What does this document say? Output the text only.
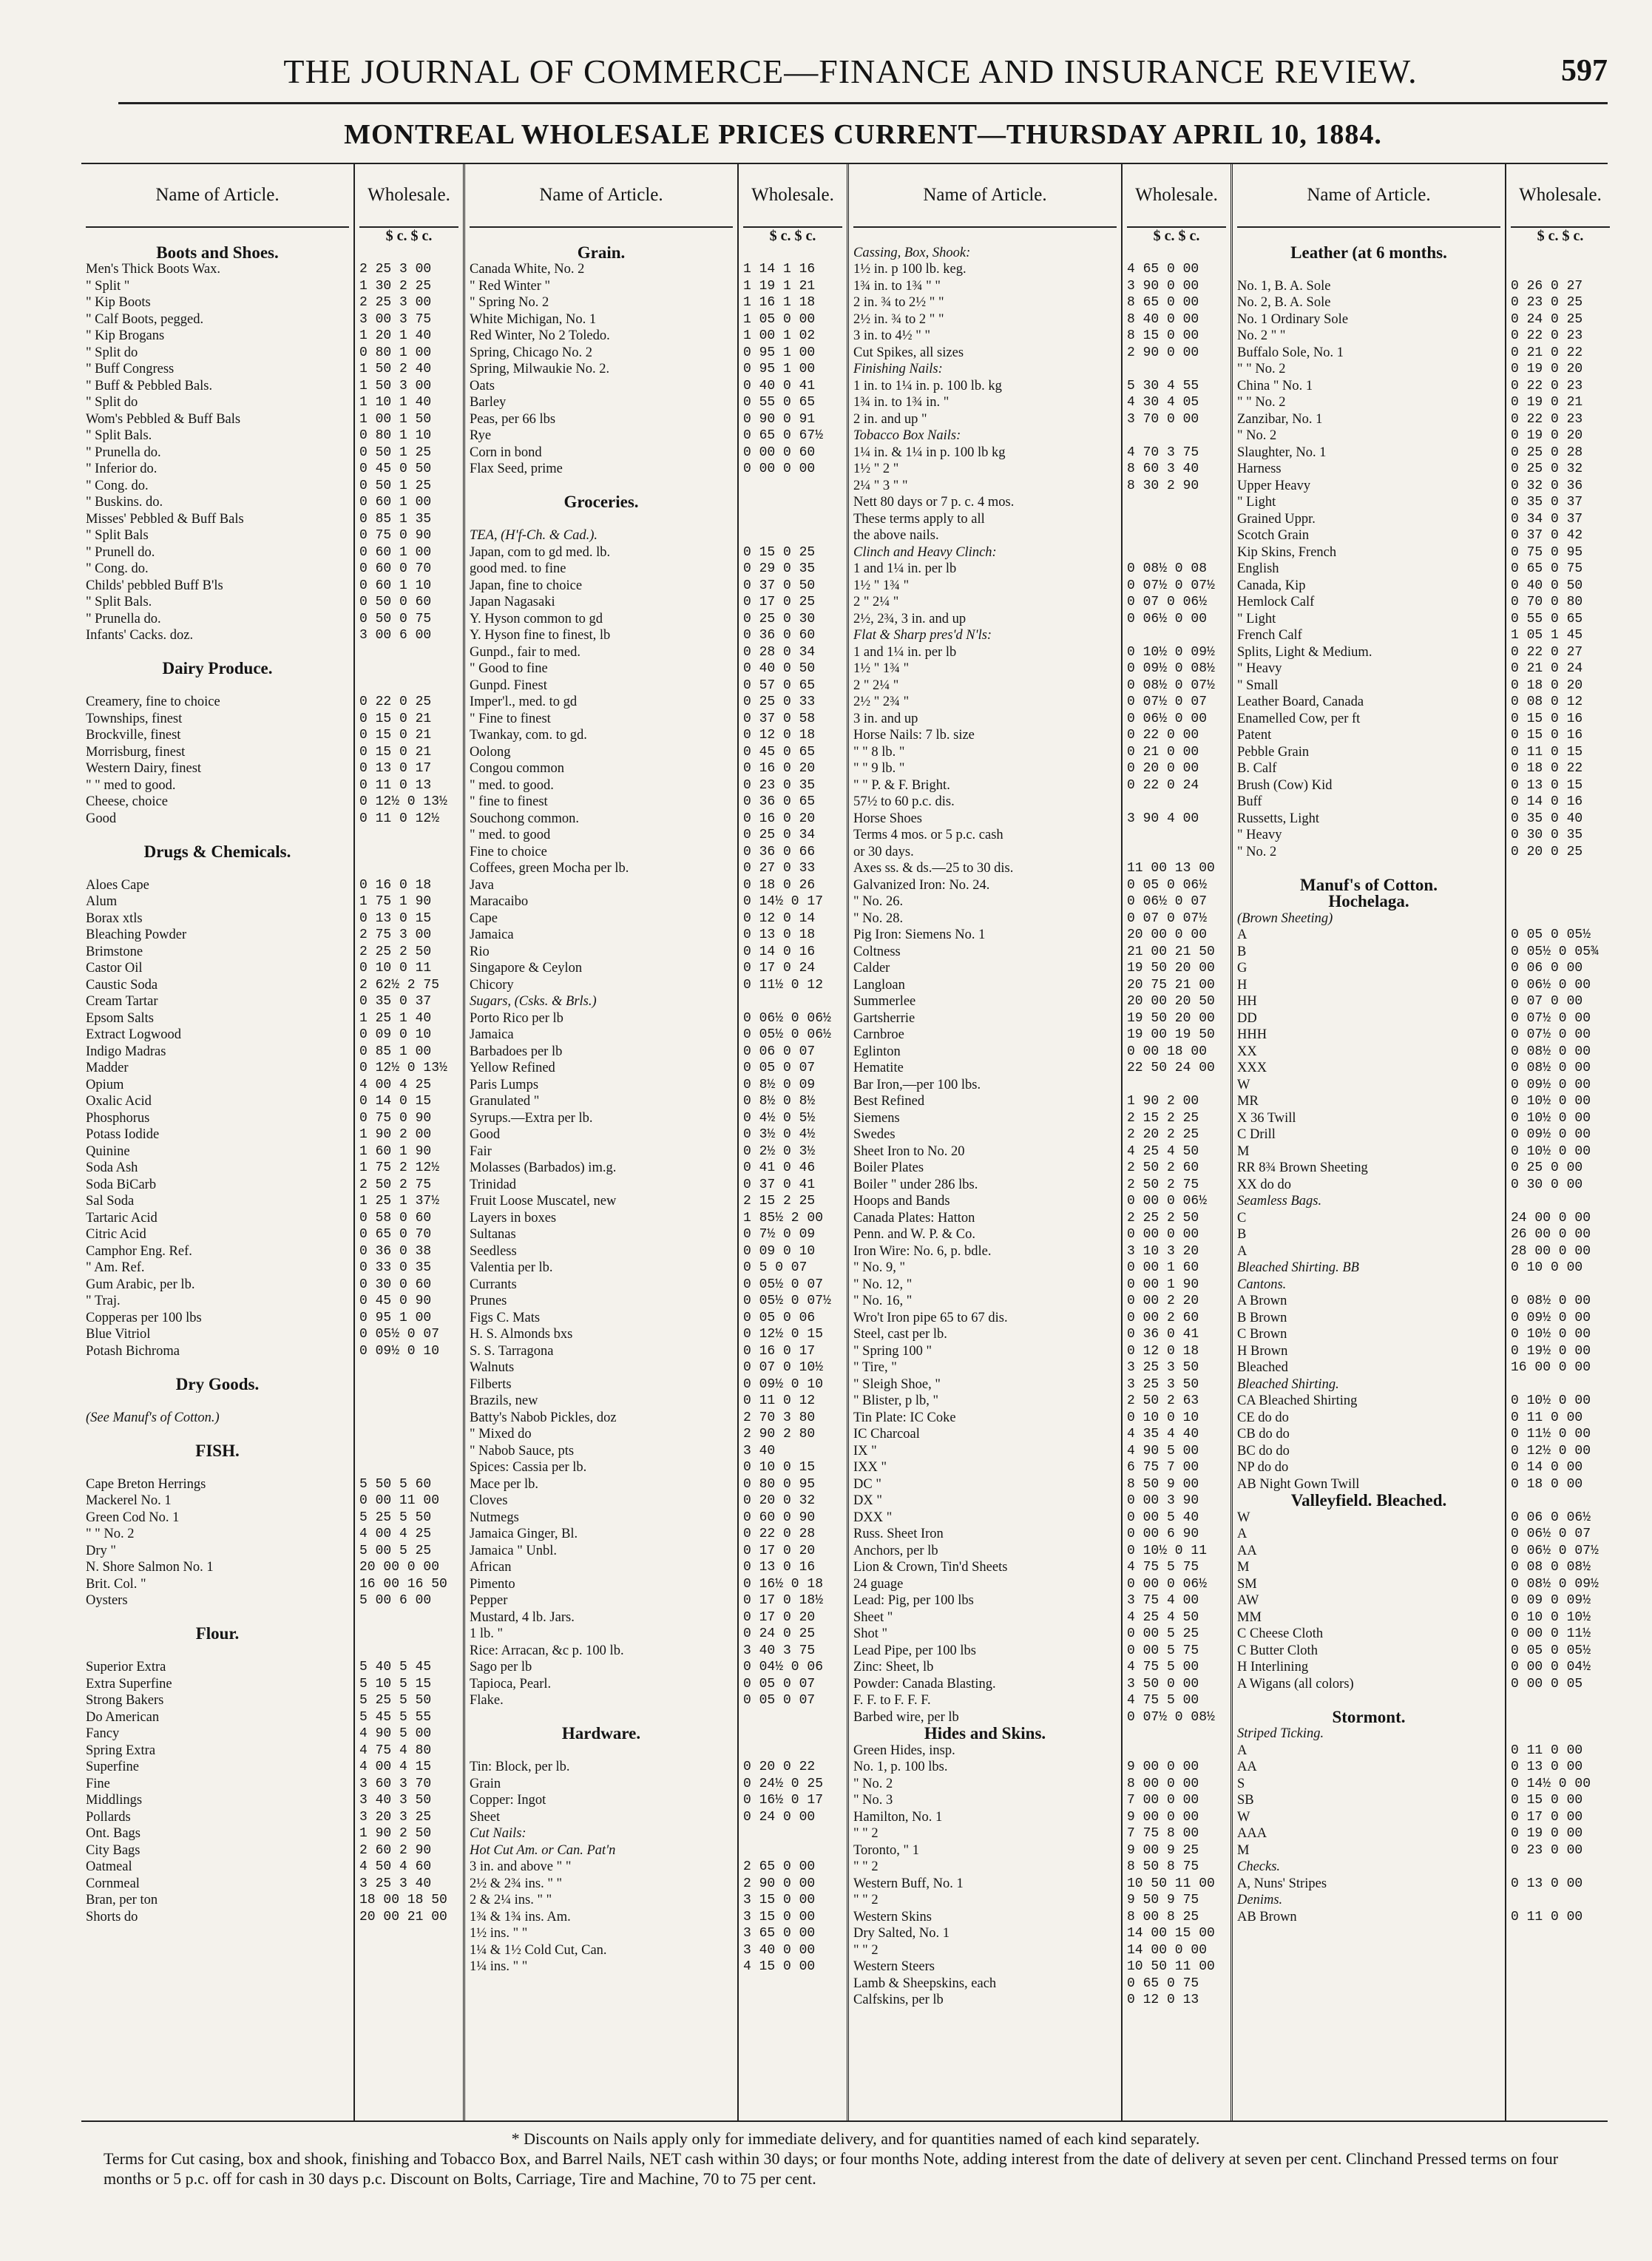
THE JOURNAL OF COMMERCE—FINANCE AND INSURANCE REVIEW.	597
MONTREAL WHOLESALE PRICES CURRENT—THURSDAY APRIL 10, 1884.
Name of Article.
Boots and Shoes.
Men's Thick Boots Wax.
" Split "
" Kip Boots
" Calf Boots, pegged.
" Kip Brogans
" Split do
" Buff Congress
" Buff & Pebbled Bals.
" Split do
Wom's Pebbled & Buff Bals
" Split Bals.
" Prunella do.
" Inferior do.
" Cong. do.
" Buskins. do.
Misses' Pebbled & Buff Bals
" Split Bals
" Prunell do.
" Cong. do.
Childs' pebbled Buff B'ls
" Split Bals.
" Prunella do.
Infants' Cacks. doz.
Dairy Produce.
Creamery, fine to choice
Townships, finest
Brockville, finest
Morrisburg, finest
Western Dairy, finest
" " med to good.
Cheese, choice
Good
Drugs & Chemicals.
Aloes Cape
Alum
Borax xtls
Bleaching Powder
Brimstone
Castor Oil
Caustic Soda
Cream Tartar
Epsom Salts
Extract Logwood
Indigo Madras
Madder
Opium
Oxalic Acid
Phosphorus
Potass Iodide
Quinine
Soda Ash
Soda BiCarb
Sal Soda
Tartaric Acid
Citric Acid
Camphor Eng. Ref.
" Am. Ref.
Gum Arabic, per lb.
" Traj.
Copperas per 100 lbs
Blue Vitriol
Potash Bichroma
Dry Goods.
(See Manuf's of Cotton.)
FISH.
Cape Breton Herrings
Mackerel No. 1
Green Cod No. 1
" " No. 2
Dry "
N. Shore Salmon No. 1
Brit. Col. "
Oysters
Flour.
Superior Extra
Extra Superfine
Strong Bakers
Do American
Fancy
Spring Extra
Superfine
Fine
Middlings
Pollards
Ont. Bags
City Bags
Oatmeal
Cornmeal
Bran, per ton
Shorts do
Wholesale.
$ c. $ c.
2 25 3 00
1 30 2 25
2 25 3 00
3 00 3 75
1 20 1 40
0 80 1 00
1 50 2 40
1 50 3 00
1 10 1 40
1 00 1 50
0 80 1 10
0 50 1 25
0 45 0 50
0 50 1 25
0 60 1 00
0 85 1 35
0 75 0 90
0 60 1 00
0 60 0 70
0 60 1 10
0 50 0 60
0 50 0 75
3 00 6 00
0 22 0 25
0 15 0 21
0 15 0 21
0 15 0 21
0 13 0 17
0 11 0 13
0 12½ 0 13½
0 11 0 12½
0 16 0 18
1 75 1 90
0 13 0 15
2 75 3 00
2 25 2 50
0 10 0 11
2 62½ 2 75
0 35 0 37
1 25 1 40
0 09 0 10
0 85 1 00
0 12½ 0 13½
4 00 4 25
0 14 0 15
0 75 0 90
1 90 2 00
1 60 1 90
1 75 2 12½
2 50 2 75
1 25 1 37½
0 58 0 60
0 65 0 70
0 36 0 38
0 33 0 35
0 30 0 60
0 45 0 90
0 95 1 00
0 05½ 0 07
0 09½ 0 10
5 50 5 60
0 00 11 00
5 25 5 50
4 00 4 25
5 00 5 25
20 00 0 00
16 00 16 50
5 00 6 00
5 40 5 45
5 10 5 15
5 25 5 50
5 45 5 55
4 90 5 00
4 75 4 80
4 00 4 15
3 60 3 70
3 40 3 50
3 20 3 25
1 90 2 50
2 60 2 90
4 50 4 60
3 25 3 40
18 00 18 50
20 00 21 00
Name of Article.
Grain.
Canada White, No. 2
" Red Winter "
" Spring No. 2
White Michigan, No. 1
Red Winter, No 2 Toledo.
Spring, Chicago No. 2
Spring, Milwaukie No. 2.
Oats
Barley
Peas, per 66 lbs
Rye
Corn in bond
Flax Seed, prime
Groceries.
TEA, (H'f-Ch. & Cad.).
Japan, com to gd med. lb.
good med. to fine
Japan, fine to choice
Japan Nagasaki
Y. Hyson common to gd
Y. Hyson fine to finest, lb
Gunpd., fair to med.
" Good to fine
Gunpd. Finest
Imper'l., med. to gd
" Fine to finest
Twankay, com. to gd.
Oolong
Congou common
" med. to good.
" fine to finest
Souchong common.
" med. to good
Fine to choice
Coffees, green Mocha per lb.
Java
Maracaibo
Cape
Jamaica
Rio
Singapore & Ceylon
Chicory
Sugars, (Csks. & Brls.)
Porto Rico per lb
Jamaica
Barbadoes per lb
Yellow Refined
Paris Lumps
Granulated "
Syrups.—Extra per lb.
Good
Fair
Molasses (Barbados) im.g.
Trinidad
Fruit Loose Muscatel, new
Layers in boxes
Sultanas
Seedless
Valentia per lb.
Currants
Prunes
Figs C. Mats
H. S. Almonds bxs
S. S. Tarragona
Walnuts
Filberts
Brazils, new
Batty's Nabob Pickles, doz
" Mixed do
" Nabob Sauce, pts
Spices: Cassia per lb.
Mace per lb.
Cloves
Nutmegs
Jamaica Ginger, Bl.
Jamaica " Unbl.
African
Pimento
Pepper
Mustard, 4 lb. Jars.
1 lb. "
Rice: Arracan, &c p. 100 lb.
Sago per lb
Tapioca, Pearl.
Flake.
Hardware.
Tin: Block, per lb.
Grain
Copper: Ingot
Sheet
Cut Nails:
Hot Cut Am. or Can. Pat'n
3 in. and above " "
2½ & 2¾ ins. " "
2 & 2¼ ins. " "
1¾ & 1¾ ins. Am.
1½ ins. " "
1¼ & 1½ Cold Cut, Can.
1¼ ins. " "
Wholesale.
$ c. $ c.
1 14 1 16
1 19 1 21
1 16 1 18
1 05 0 00
1 00 1 02
0 95 1 00
0 95 1 00
0 40 0 41
0 55 0 65
0 90 0 91
0 65 0 67½
0 00 0 60
0 00 0 00
0 15 0 25
0 29 0 35
0 37 0 50
0 17 0 25
0 25 0 30
0 36 0 60
0 28 0 34
0 40 0 50
0 57 0 65
0 25 0 33
0 37 0 58
0 12 0 18
0 45 0 65
0 16 0 20
0 23 0 35
0 36 0 65
0 16 0 20
0 25 0 34
0 36 0 66
0 27 0 33
0 18 0 26
0 14½ 0 17
0 12 0 14
0 13 0 18
0 14 0 16
0 17 0 24
0 11½ 0 12
0 06½ 0 06½
0 05½ 0 06½
0 06 0 07
0 05 0 07
0 8½ 0 09
0 8½ 0 8½
0 4½ 0 5½
0 3½ 0 4½
0 2½ 0 3½
0 41 0 46
0 37 0 41
2 15 2 25
1 85½ 2 00
0 7½ 0 09
0 09 0 10
0 5 0 07
0 05½ 0 07
0 05½ 0 07½
0 05 0 06
0 12½ 0 15
0 16 0 17
0 07 0 10½
0 09½ 0 10
0 11 0 12
2 70 3 80
2 90 2 80
3 40
0 10 0 15
0 80 0 95
0 20 0 32
0 60 0 90
0 22 0 28
0 17 0 20
0 13 0 16
0 16½ 0 18
0 17 0 18½
0 17 0 20
0 24 0 25
3 40 3 75
0 04½ 0 06
0 05 0 07
0 05 0 07
0 20 0 22
0 24½ 0 25
0 16½ 0 17
0 24 0 00
2 65 0 00
2 90 0 00
3 15 0 00
3 15 0 00
3 65 0 00
3 40 0 00
4 15 0 00
Name of Article.
Cassing, Box, Shook:
1½ in. p 100 lb. keg.
1¾ in. to 1¾ " "
2 in. ¾ to 2½ " "
2½ in. ¾ to 2 " "
3 in. to 4½ " "
Cut Spikes, all sizes
Finishing Nails:
1 in. to 1¼ in. p. 100 lb. kg
1¾ in. to 1¾ in. "
2 in. and up "
Tobacco Box Nails:
1¼ in. & 1¼ in p. 100 lb kg
1½ " 2 "
2¼ " 3 " "
Nett 80 days or 7 p. c. 4 mos.
These terms apply to all
the above nails.
Clinch and Heavy Clinch:
1 and 1¼ in. per lb
1½ " 1¾ "
2 " 2¼ "
2½, 2¾, 3 in. and up
Flat & Sharp pres'd N'ls:
1 and 1¼ in. per lb
1½ " 1¾ "
2 " 2¼ "
2½ " 2¾ "
3 in. and up
Horse Nails: 7 lb. size
" " 8 lb. "
" " 9 lb. "
" " P. & F. Bright.
57½ to 60 p.c. dis.
Horse Shoes
Terms 4 mos. or 5 p.c. cash
or 30 days.
Axes ss. & ds.—25 to 30 dis.
Galvanized Iron: No. 24.
" No. 26.
" No. 28.
Pig Iron: Siemens No. 1
Coltness
Calder
Langloan
Summerlee
Gartsherrie
Carnbroe
Eglinton
Hematite
Bar Iron,—per 100 lbs.
Best Refined
Siemens
Swedes
Sheet Iron to No. 20
Boiler Plates
Boiler " under 286 lbs.
Hoops and Bands
Canada Plates: Hatton
Penn. and W. P. & Co.
Iron Wire: No. 6, p. bdle.
" No. 9, "
" No. 12, "
" No. 16, "
Wro't Iron pipe 65 to 67 dis.
Steel, cast per lb.
" Spring 100 "
" Tire, "
" Sleigh Shoe, "
" Blister, p lb, "
Tin Plate: IC Coke
IC Charcoal
IX "
IXX "
DC "
DX "
DXX "
Russ. Sheet Iron
Anchors, per lb
Lion & Crown, Tin'd Sheets
24 guage
Lead: Pig, per 100 lbs
Sheet "
Shot "
Lead Pipe, per 100 lbs
Zinc: Sheet, lb
Powder: Canada Blasting.
F. F. to F. F. F.
Barbed wire, per lb
Hides and Skins.
Green Hides, insp.
No. 1, p. 100 lbs.
" No. 2
" No. 3
Hamilton, No. 1
" " 2
Toronto, " 1
" " 2
Western Buff, No. 1
" " 2
Western Skins
Dry Salted, No. 1
" " 2
Western Steers
Lamb & Sheepskins, each
Calfskins, per lb
Wholesale.
$ c. $ c.
4 65 0 00
3 90 0 00
8 65 0 00
8 40 0 00
8 15 0 00
2 90 0 00
5 30 4 55
4 30 4 05
3 70 0 00
4 70 3 75
8 60 3 40
8 30 2 90
0 08½ 0 08
0 07½ 0 07½
0 07 0 06½
0 06½ 0 00
0 10½ 0 09½
0 09½ 0 08½
0 08½ 0 07½
0 07½ 0 07
0 06½ 0 00
0 22 0 00
0 21 0 00
0 20 0 00
0 22 0 24
3 90 4 00
11 00 13 00
0 05 0 06½
0 06½ 0 07
0 07 0 07½
20 00 0 00
21 00 21 50
19 50 20 00
20 75 21 00
20 00 20 50
19 50 20 00
19 00 19 50
0 00 18 00
22 50 24 00
1 90 2 00
2 15 2 25
2 20 2 25
4 25 4 50
2 50 2 60
2 50 2 75
0 00 0 06½
2 25 2 50
0 00 0 00
3 10 3 20
0 00 1 60
0 00 1 90
0 00 2 20
0 00 2 60
0 36 0 41
0 12 0 18
3 25 3 50
3 25 3 50
2 50 2 63
0 10 0 10
4 35 4 40
4 90 5 00
6 75 7 00
8 50 9 00
0 00 3 90
0 00 5 40
0 00 6 90
0 10½ 0 11
4 75 5 75
0 00 0 06½
3 75 4 00
4 25 4 50
0 00 5 25
0 00 5 75
4 75 5 00
3 50 0 00
4 75 5 00
0 07½ 0 08½
9 00 0 00
8 00 0 00
7 00 0 00
9 00 0 00
7 75 8 00
9 00 9 25
8 50 8 75
10 50 11 00
9 50 9 75
8 00 8 25
14 00 15 00
14 00 0 00
10 50 11 00
0 65 0 75
0 12 0 13
Name of Article.
Leather (at 6 months.
No. 1, B. A. Sole
No. 2, B. A. Sole
No. 1 Ordinary Sole
No. 2 " "
Buffalo Sole, No. 1
" " No. 2
China " No. 1
" " No. 2
Zanzibar, No. 1
" No. 2
Slaughter, No. 1
Harness
Upper Heavy
" Light
Grained Uppr.
Scotch Grain
Kip Skins, French
English
Canada, Kip
Hemlock Calf
" Light
French Calf
Splits, Light & Medium.
" Heavy
" Small
Leather Board, Canada
Enamelled Cow, per ft
Patent
Pebble Grain
B. Calf
Brush (Cow) Kid
Buff
Russetts, Light
" Heavy
" No. 2
Manuf's of Cotton.
Hochelaga.
(Brown Sheeting)
A
B
G
H
HH
DD
HHH
XX
XXX
W
MR
X 36 Twill
C Drill
M
RR 8¾ Brown Sheeting
XX do do
Seamless Bags.
C
B
A
Bleached Shirting. BB
Cantons.
A Brown
B Brown
C Brown
H Brown
Bleached
Bleached Shirting.
CA Bleached Shirting
CE do do
CB do do
BC do do
NP do do
AB Night Gown Twill
Valleyfield. Bleached.
W
A
AA
M
SM
AW
MM
C Cheese Cloth
C Butter Cloth
H Interlining
A Wigans (all colors)
Stormont.
Striped Ticking.
A
AA
S
SB
W
AAA
M
Checks.
A, Nuns' Stripes
Denims.
AB Brown
Wholesale.
$ c. $ c.
0 26 0 27
0 23 0 25
0 24 0 25
0 22 0 23
0 21 0 22
0 19 0 20
0 22 0 23
0 19 0 21
0 22 0 23
0 19 0 20
0 25 0 28
0 25 0 32
0 32 0 36
0 35 0 37
0 34 0 37
0 37 0 42
0 75 0 95
0 65 0 75
0 40 0 50
0 70 0 80
0 55 0 65
1 05 1 45
0 22 0 27
0 21 0 24
0 18 0 20
0 08 0 12
0 15 0 16
0 15 0 16
0 11 0 15
0 18 0 22
0 13 0 15
0 14 0 16
0 35 0 40
0 30 0 35
0 20 0 25
0 05 0 05½
0 05½ 0 05¾
0 06 0 00
0 06½ 0 00
0 07 0 00
0 07½ 0 00
0 07½ 0 00
0 08½ 0 00
0 08½ 0 00
0 09½ 0 00
0 10½ 0 00
0 10½ 0 00
0 09½ 0 00
0 10½ 0 00
0 25 0 00
0 30 0 00
24 00 0 00
26 00 0 00
28 00 0 00
0 10 0 00
0 08½ 0 00
0 09½ 0 00
0 10½ 0 00
0 19½ 0 00
16 00 0 00
0 10½ 0 00
0 11 0 00
0 11½ 0 00
0 12½ 0 00
0 14 0 00
0 18 0 00
0 06 0 06½
0 06½ 0 07
0 06½ 0 07½
0 08 0 08½
0 08½ 0 09½
0 09 0 09½
0 10 0 10½
0 00 0 11½
0 05 0 05½
0 00 0 04½
0 00 0 05
0 11 0 00
0 13 0 00
0 14½ 0 00
0 15 0 00
0 17 0 00
0 19 0 00
0 23 0 00
0 13 0 00
0 11 0 00
* Discounts on Nails apply only for immediate delivery, and for quantities named of each kind separately.
Terms for Cut casing, box and shook, finishing and Tobacco Box, and Barrel Nails, NET cash within 30 days; or four months Note, adding interest from the date of delivery at seven per cent. Clinchand Pressed terms on four months or 5 p.c. off for cash in 30 days p.c. Discount on Bolts, Carriage, Tire and Machine, 70 to 75 per cent.
